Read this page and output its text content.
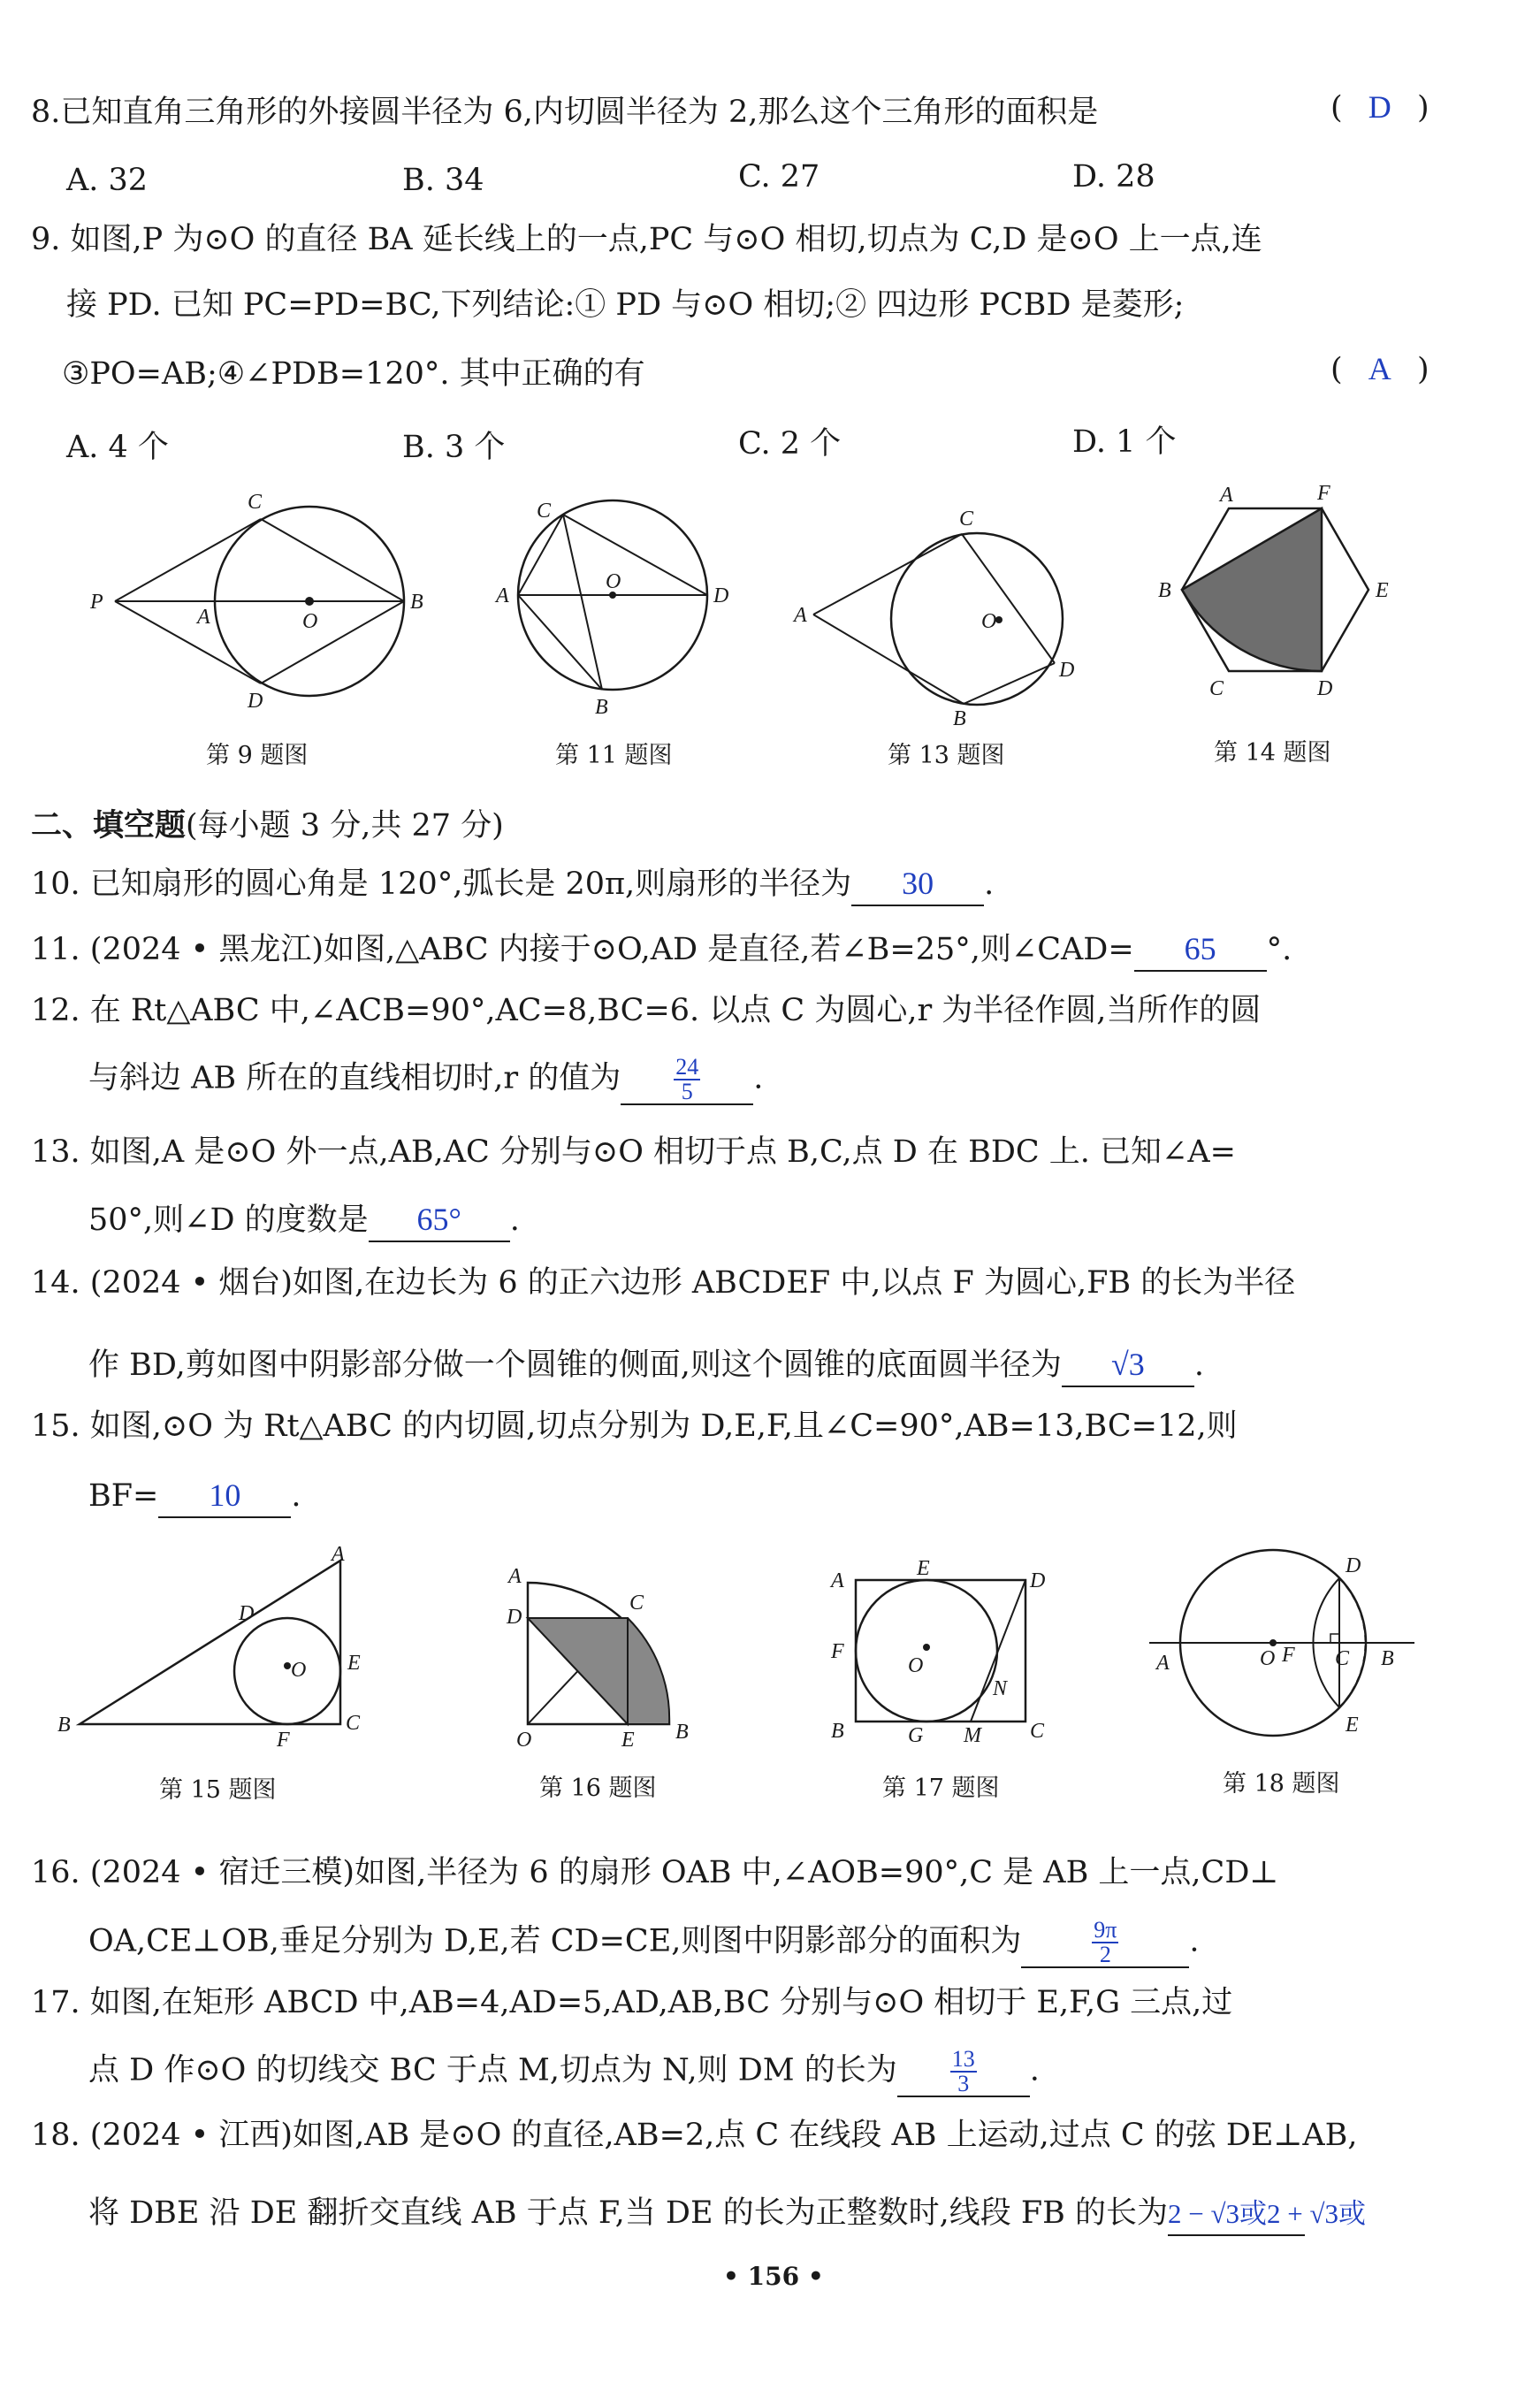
8.已知直角三角形的外接圆半径为 6,内切圆半径为 2,那么这个三角形的面积是	( D )
A. 32	B. 34	C. 27	D. 28
9. 如图,P 为⊙O 的直径 BA 延长线上的一点,PC 与⊙O 相切,切点为 C,D 是⊙O 上一点,连
接 PD. 已知 PC=PD=BC,下列结论:① PD 与⊙O 相切;② 四边形 PCBD 是菱形;
③PO=AB;④∠PDB=120°. 其中正确的有	( A )
A. 4 个	B. 3 个	C. 2 个	D. 1 个
C
P
A	O
B
D
第 9 题图
C
A
O
D
B
第 11 题图
C
A	O
D
B
第 13 题图
A	F
B	E
C	D
第 14 题图
二、填空题(每小题 3 分,共 27 分)
10. 已知扇形的圆心角是 120°,弧长是 20π,则扇形的半径为 30 .
11. (2024 • 黑龙江)如图,△ABC 内接于⊙O,AD 是直径,若∠B=25°,则∠CAD= 65 °.
12. 在 Rt△ABC 中,∠ACB=90°,AC=8,BC=6. 以点 C 为圆心,r 为半径作圆,当所作的圆
与斜边 AB 所在的直线相切时,r 的值为 $\frac{24}{5}$ .
13. 如图,A 是⊙O 外一点,AB,AC 分别与⊙O 相切于点 B,C,点 D 在 BDC 上. 已知∠A=
50°,则∠D 的度数是 65° .
14. (2024 • 烟台)如图,在边长为 6 的正六边形 ABCDEF 中,以点 F 为圆心,FB 的长为半径
作 BD,剪如图中阴影部分做一个圆锥的侧面,则这个圆锥的底面圆半径为 √3 .
15. 如图,⊙O 为 Rt△ABC 的内切圆,切点分别为 D,E,F,且∠C=90°,AB=13,BC=12,则
BF= 10 .
A
D
O E
B
F
C
第 15 题图
A
D
C
O	E B
第 16 题图
A
E
D
F
O
N
B	G M C
第 17 题图
D
A	O F C B
E
第 18 题图
16. (2024 • 宿迁三模)如图,半径为 6 的扇形 OAB 中,∠AOB=90°,C 是 AB 上一点,CD⊥
OA,CE⊥OB,垂足分别为 D,E,若 CD=CE,则图中阴影部分的面积为	$\frac{9\pi}{2}$ .
17. 如图,在矩形 ABCD 中,AB=4,AD=5,AD,AB,BC 分别与⊙O 相切于 E,F,G 三点,过
点 D 作⊙O 的切线交 BC 于点 M,切点为 N,则 DM 的长为 $\frac{13}{3}$ .
18. (2024 • 江西)如图,AB 是⊙O 的直径,AB=2,点 C 在线段 AB 上运动,过点 C 的弦 DE⊥AB,
将 DBE 沿 DE 翻折交直线 AB 于点 F,当 DE 的长为正整数时,线段 FB 的长为2 − √3或2 + √3或
• 156 •
